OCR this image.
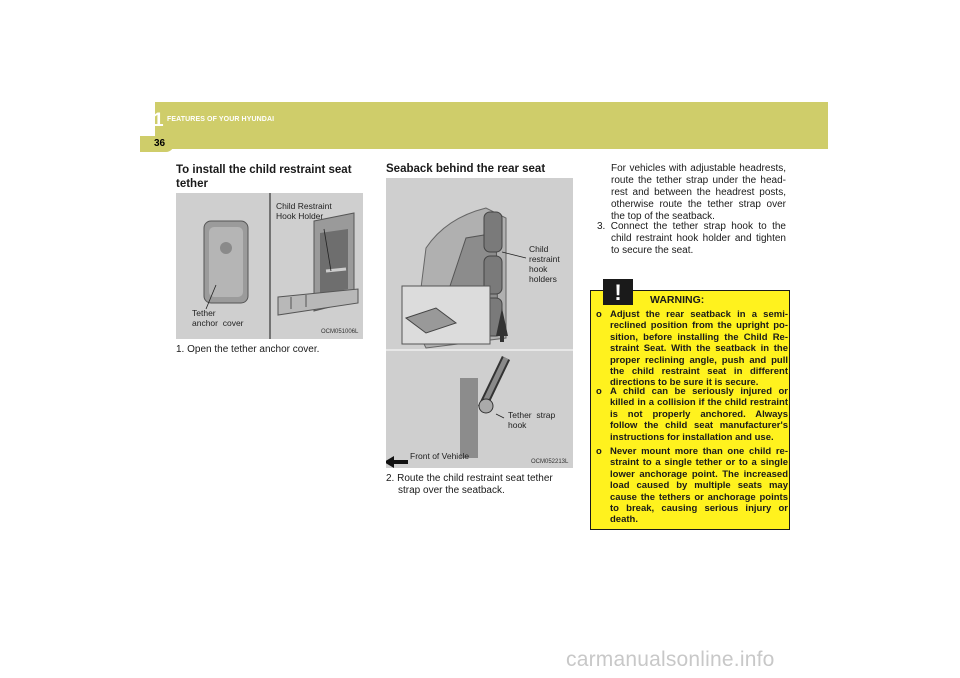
36
1 FEATURES OF YOUR HYUNDAI
To install the child restraint seat tether
Child Restraint
Hook Holder
Tether
anchor  cover
OCM051006L
1. Open the tether anchor cover.
Seaback behind the rear seat
Child
restraint
hook
holders
Tether  strap
hook
Front of Vehicle
OCM052213L
2. Route the child restraint seat tether strap over the seatback.
For vehicles with adjustable headrests, route the tether strap under the head-rest and between the headrest posts, otherwise route the tether strap over the top of the seatback.
3. Connect the tether strap hook to the child restraint hook holder and tighten to secure the seat.
!	WARNING:
o Adjust the rear seatback in a semi-reclined position from the upright po-sition, before installing the Child Re-straint Seat. With the seatback in the proper reclining angle, push and pull the child restraint seat in different directions to be sure it is secure.
o A child can be seriously injured or killed in a collision if the child restraint is not properly anchored. Always follow the child seat manufacturer's instructions for installation and use.
o Never mount more than one child re-straint to a single tether or to a single lower anchorage point. The increased load caused by multiple seats may cause the tethers or anchorage points to break, causing serious injury or death.
carmanualsonline.info
